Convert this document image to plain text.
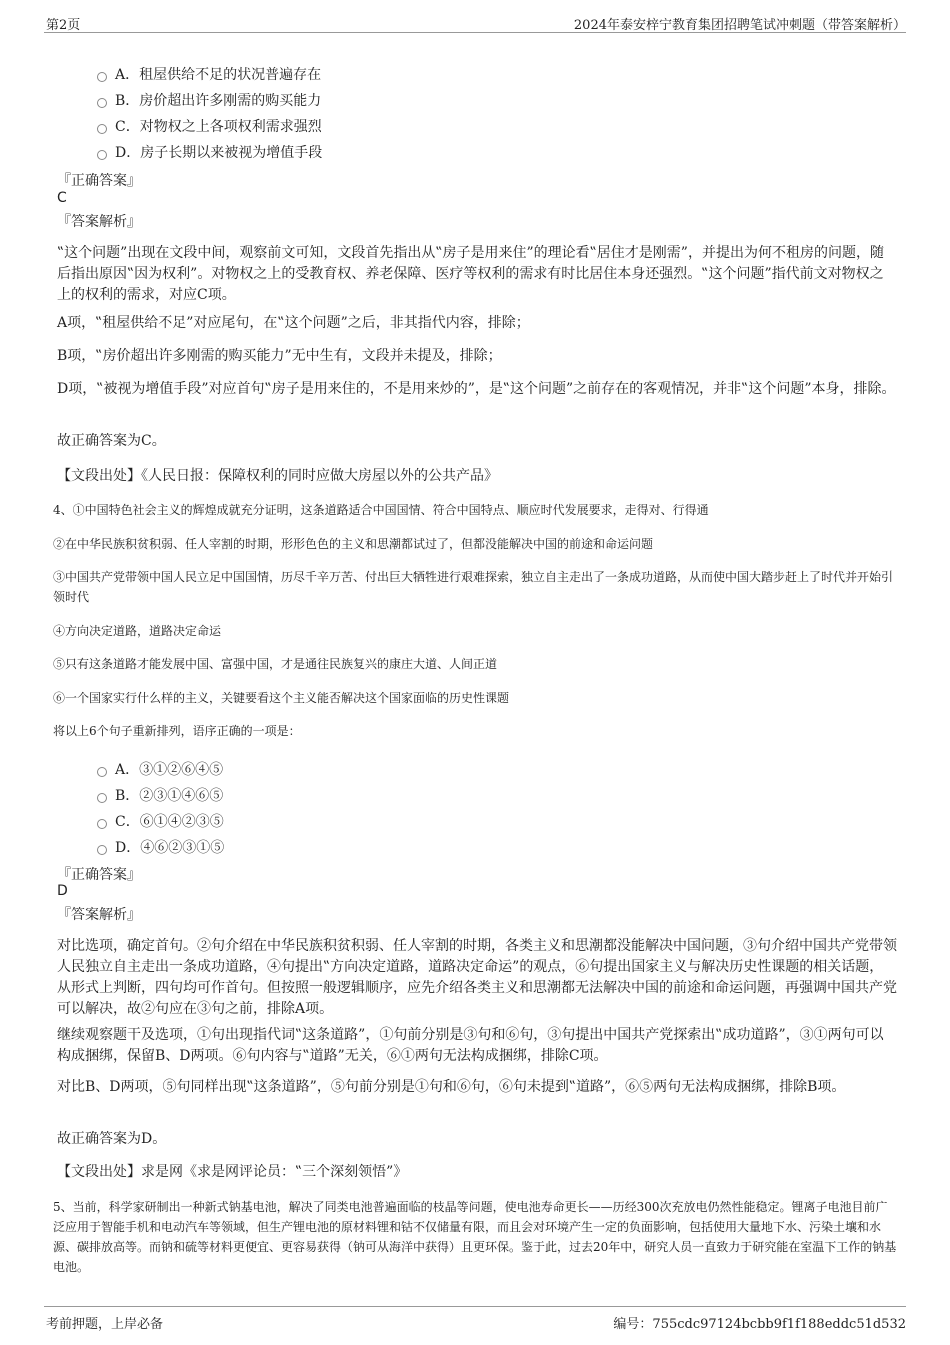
第2页	2024年泰安梓宁教育集团招聘笔试冲刺题（带答案解析）
A．租屋供给不足的状况普遍存在
B．房价超出许多刚需的购买能力
C．对物权之上各项权利需求强烈
D．房子长期以来被视为增值手段
『正确答案』
C
『答案解析』
‟这个问题”出现在文段中间，观察前文可知，文段首先指出从‟房子是用来住”的理论看‟居住才是刚需”，并提出为何不租房的问题，随后指出原因‟因为权利”。对物权之上的受教育权、养老保障、医疗等权利的需求有时比居住本身还强烈。‟这个问题”指代前文对物权之上的权利的需求，对应C项。
A项，‟租屋供给不足”对应尾句，在‟这个问题”之后，非其指代内容，排除；
B项，‟房价超出许多刚需的购买能力”无中生有，文段并未提及，排除；
D项，‟被视为增值手段”对应首句‟房子是用来住的，不是用来炒的”，是‟这个问题”之前存在的客观情况，并非‟这个问题”本身，排除。
故正确答案为C。
【文段出处】《人民日报：保障权利的同时应做大房屋以外的公共产品》
4、①中国特色社会主义的辉煌成就充分证明，这条道路适合中国国情、符合中国特点、顺应时代发展要求，走得对、行得通
②在中华民族积贫积弱、任人宰割的时期，形形色色的主义和思潮都试过了，但都没能解决中国的前途和命运问题
③中国共产党带领中国人民立足中国国情，历尽千辛万苦、付出巨大牺牲进行艰难探索，独立自主走出了一条成功道路，从而使中国大踏步赶上了时代并开始引领时代
④方向决定道路，道路决定命运
⑤只有这条道路才能发展中国、富强中国，才是通往民族复兴的康庄大道、人间正道
⑥一个国家实行什么样的主义，关键要看这个主义能否解决这个国家面临的历史性课题
将以上6个句子重新排列，语序正确的一项是：
A．③①②⑥④⑤
B．②③①④⑥⑤
C．⑥①④②③⑤
D．④⑥②③①⑤
『正确答案』
D
『答案解析』
对比选项，确定首句。②句介绍在中华民族积贫积弱、任人宰割的时期，各类主义和思潮都没能解决中国问题，③句介绍中国共产党带领人民独立自主走出一条成功道路，④句提出‟方向决定道路，道路决定命运”的观点，⑥句提出国家主义与解决历史性课题的相关话题，从形式上判断，四句均可作首句。但按照一般逻辑顺序，应先介绍各类主义和思潮都无法解决中国的前途和命运问题，再强调中国共产党可以解决，故②句应在③句之前，排除A项。
继续观察题干及选项，①句出现指代词‟这条道路”，①句前分别是③句和⑥句，③句提出中国共产党探索出‟成功道路”，③①两句可以构成捆绑，保留B、D两项。⑥句内容与‟道路”无关，⑥①两句无法构成捆绑，排除C项。
对比B、D两项，⑤句同样出现‟这条道路”，⑤句前分别是①句和⑥句，⑥句未提到‟道路”，⑥⑤两句无法构成捆绑，排除B项。
故正确答案为D。
【文段出处】求是网《求是网评论员：‟三个深刻领悟”》
5、当前，科学家研制出一种新式钠基电池，解决了同类电池普遍面临的枝晶等问题，使电池寿命更长——历经300次充放电仍然性能稳定。锂离子电池目前广泛应用于智能手机和电动汽车等领域，但生产锂电池的原材料锂和钴不仅储量有限，而且会对环境产生一定的负面影响，包括使用大量地下水、污染土壤和水源、碳排放高等。而钠和硫等材料更便宜、更容易获得（钠可从海洋中获得）且更环保。鉴于此，过去20年中，研究人员一直致力于研究能在室温下工作的钠基电池。
考前押题，上岸必备	编号：755cdc97124bcbb9f1f188eddc51d532
